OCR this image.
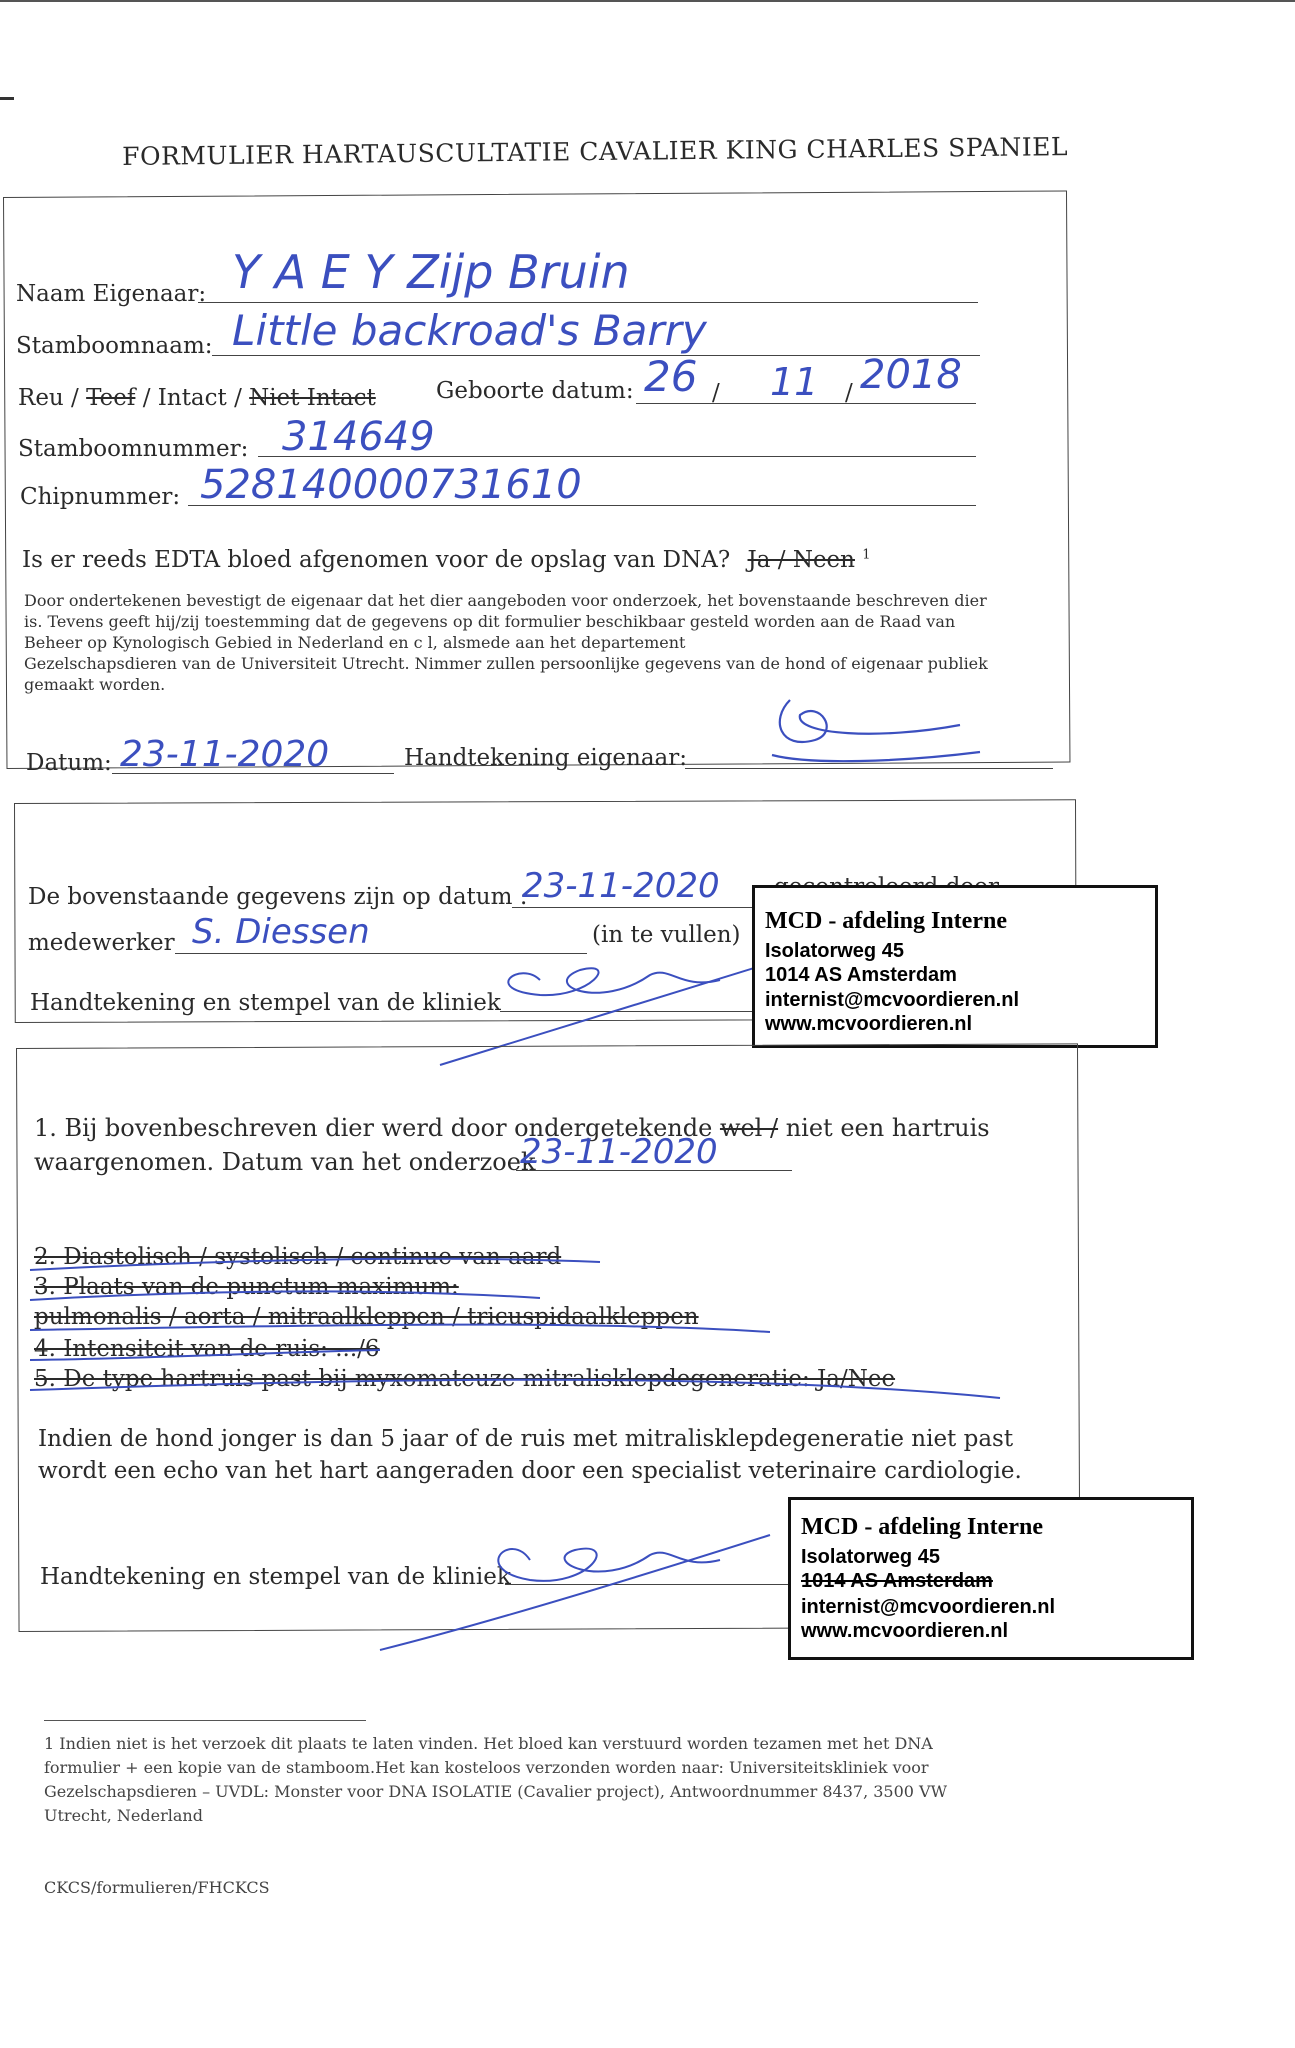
FORMULIER HARTAUSCULTATIE CAVALIER KING CHARLES SPANIEL
Naam Eigenaar: Y A E Y Zijp Bruin
Stamboomnaam: Little backroad's Barry
Reu / Teef / Intact / Niet Intact	Geboorte datum:	/	/
26 11 2018
Stamboomnummer: 314649
Chipnummer: 528140000731610
Is er reeds EDTA bloed afgenomen voor de opslag van DNA? Ja / Neen $^1$
Door ondertekenen bevestigt de eigenaar dat het dier aangeboden voor onderzoek, het bovenstaande beschreven dier
is. Tevens geeft hij/zij toestemming dat de gegevens op dit formulier beschikbaar gesteld worden aan de Raad van
Beheer op Kynologisch Gebied in Nederland en c l, alsmede aan het departement
Gezelschapsdieren van de Universiteit Utrecht. Nimmer zullen persoonlijke gegevens van de hond of eigenaar publiek
gemaakt worden.
Datum: 23-11-2020	Handtekening eigenaar:
De bovenstaande gegevens zijn op datum :
23-11-2020
medewerker S. Diessen	(in te vullen)
Handtekening en stempel van de kliniek
MCD - afdeling Interne
Isolatorweg 45
1014 AS Amsterdam
internist@mcvoordieren.nl
www.mcvoordieren.nl
1. Bij bovenbeschreven dier werd door ondergetekende wel / niet een hartruis
waargenomen. Datum van het onderzoek
23-11-2020
2. Diastolisch / systolisch / continue van aard
3. Plaats van de punctum maximum:
pulmonalis / aorta / mitraalkleppen / tricuspidaalkleppen
4. Intensiteit van de ruis: .../6
5. De type hartruis past bij myxomateuze mitralisklepdegeneratie: Ja/Nee
Indien de hond jonger is dan 5 jaar of de ruis met mitralisklepdegeneratie niet past
wordt een echo van het hart aangeraden door een specialist veterinaire cardiologie.
Handtekening en stempel van de kliniek
MCD - afdeling Interne
Isolatorweg 45
1014 AS Amsterdam
internist@mcvoordieren.nl
www.mcvoordieren.nl
1 Indien niet is het verzoek dit plaats te laten vinden. Het bloed kan verstuurd worden tezamen met het DNA
formulier + een kopie van de stamboom.Het kan kosteloos verzonden worden naar: Universiteitskliniek voor
Gezelschapsdieren – UVDL: Monster voor DNA ISOLATIE (Cavalier project), Antwoordnummer 8437, 3500 VW
Utrecht, Nederland
CKCS/formulieren/FHCKCS
